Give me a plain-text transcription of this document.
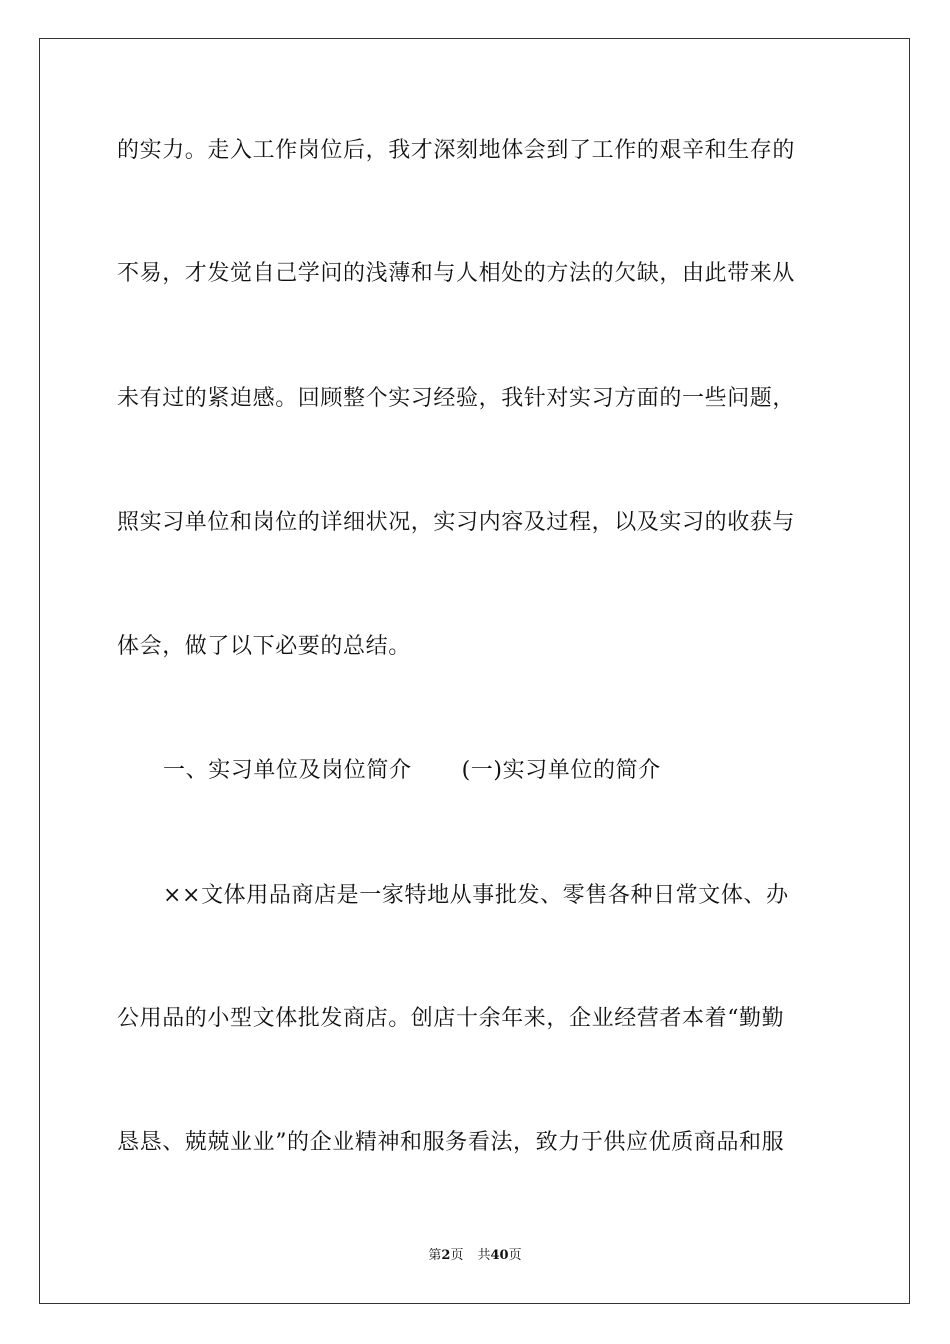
的实力。走入工作岗位后，我才深刻地体会到了工作的艰辛和生存的
不易，才发觉自己学问的浅薄和与人相处的方法的欠缺，由此带来从
未有过的紧迫感。回顾整个实习经验，我针对实习方面的一些问题，
照实习单位和岗位的详细状况，实习内容及过程，以及实习的收获与
体会，做了以下必要的总结。
一、实习单位及岗位简介 (一)实习单位的简介
××文体用品商店是一家特地从事批发、零售各种日常文体、办
公用品的小型文体批发商店。创店十余年来，企业经营者本着“勤勤
恳恳、兢兢业业”的企业精神和服务看法，致力于供应优质商品和服
第2页 共40页
